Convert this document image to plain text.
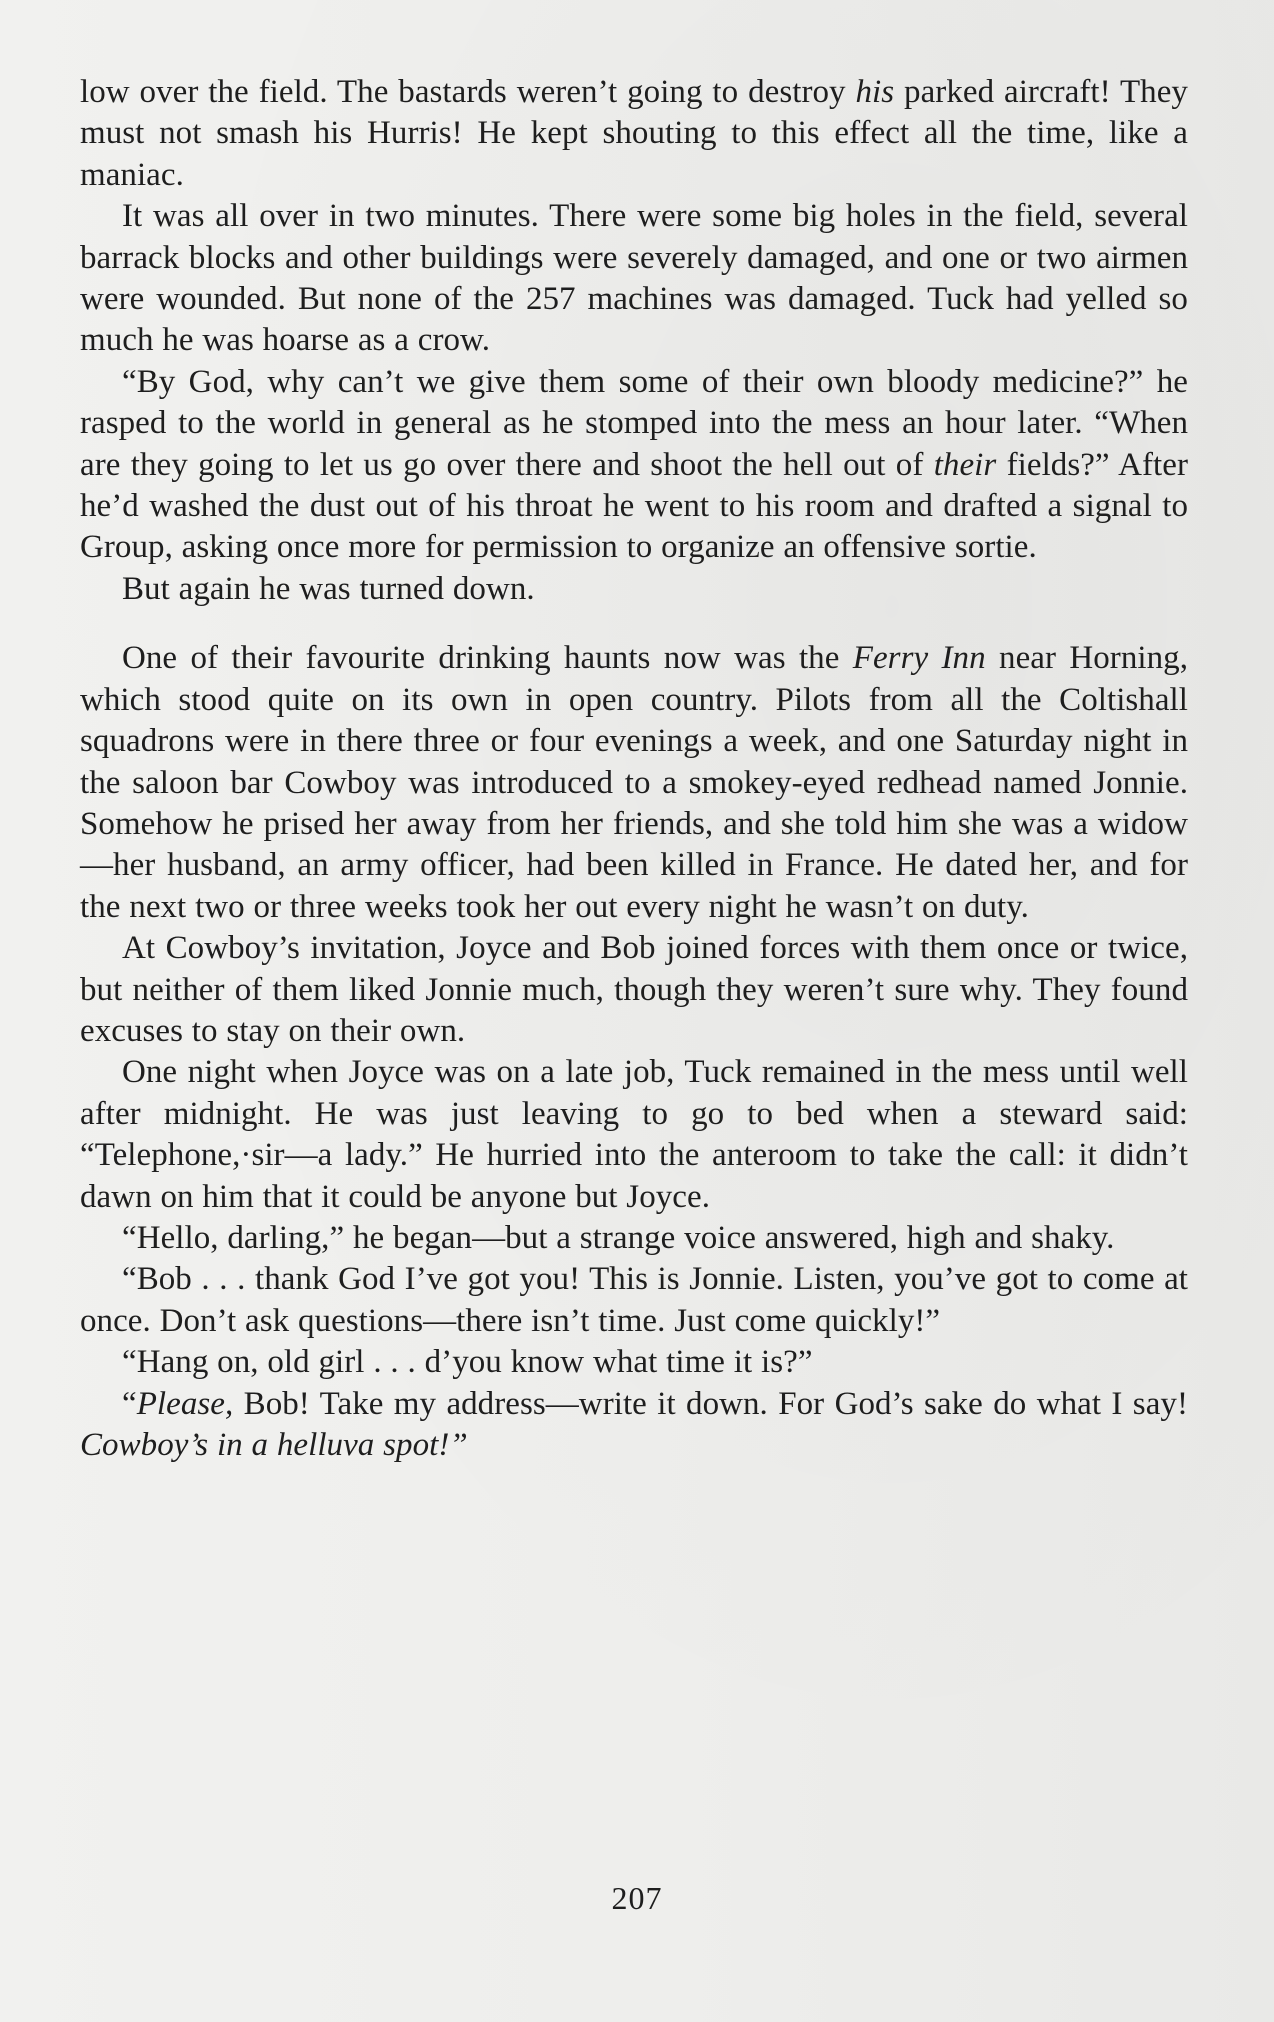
low over the field. The bastards weren’t going to destroy his parked aircraft! They must not smash his Hurris! He kept shouting to this effect all the time, like a maniac.

It was all over in two minutes. There were some big holes in the field, several barrack blocks and other buildings were severely damaged, and one or two airmen were wounded. But none of the 257 machines was damaged. Tuck had yelled so much he was hoarse as a crow.

“By God, why can’t we give them some of their own bloody medicine?” he rasped to the world in general as he stomped into the mess an hour later. “When are they going to let us go over there and shoot the hell out of their fields?” After he’d washed the dust out of his throat he went to his room and drafted a signal to Group, asking once more for permission to organize an offensive sortie.

But again he was turned down.

One of their favourite drinking haunts now was the Ferry Inn near Horning, which stood quite on its own in open country. Pilots from all the Coltishall squadrons were in there three or four evenings a week, and one Saturday night in the saloon bar Cowboy was introduced to a smokey-eyed redhead named Jonnie. Somehow he prised her away from her friends, and she told him she was a widow—her husband, an army officer, had been killed in France. He dated her, and for the next two or three weeks took her out every night he wasn’t on duty.

At Cowboy’s invitation, Joyce and Bob joined forces with them once or twice, but neither of them liked Jonnie much, though they weren’t sure why. They found excuses to stay on their own.

One night when Joyce was on a late job, Tuck remained in the mess until well after midnight. He was just leaving to go to bed when a steward said: “Telephone,·sir—a lady.” He hurried into the anteroom to take the call: it didn’t dawn on him that it could be anyone but Joyce.

“Hello, darling,” he began—but a strange voice answered, high and shaky.

“Bob . . . thank God I’ve got you! This is Jonnie. Listen, you’ve got to come at once. Don’t ask questions—there isn’t time. Just come quickly!”

“Hang on, old girl . . . d’you know what time it is?”

“Please, Bob! Take my address—write it down. For God’s sake do what I say! Cowboy’s in a helluva spot!”

207
